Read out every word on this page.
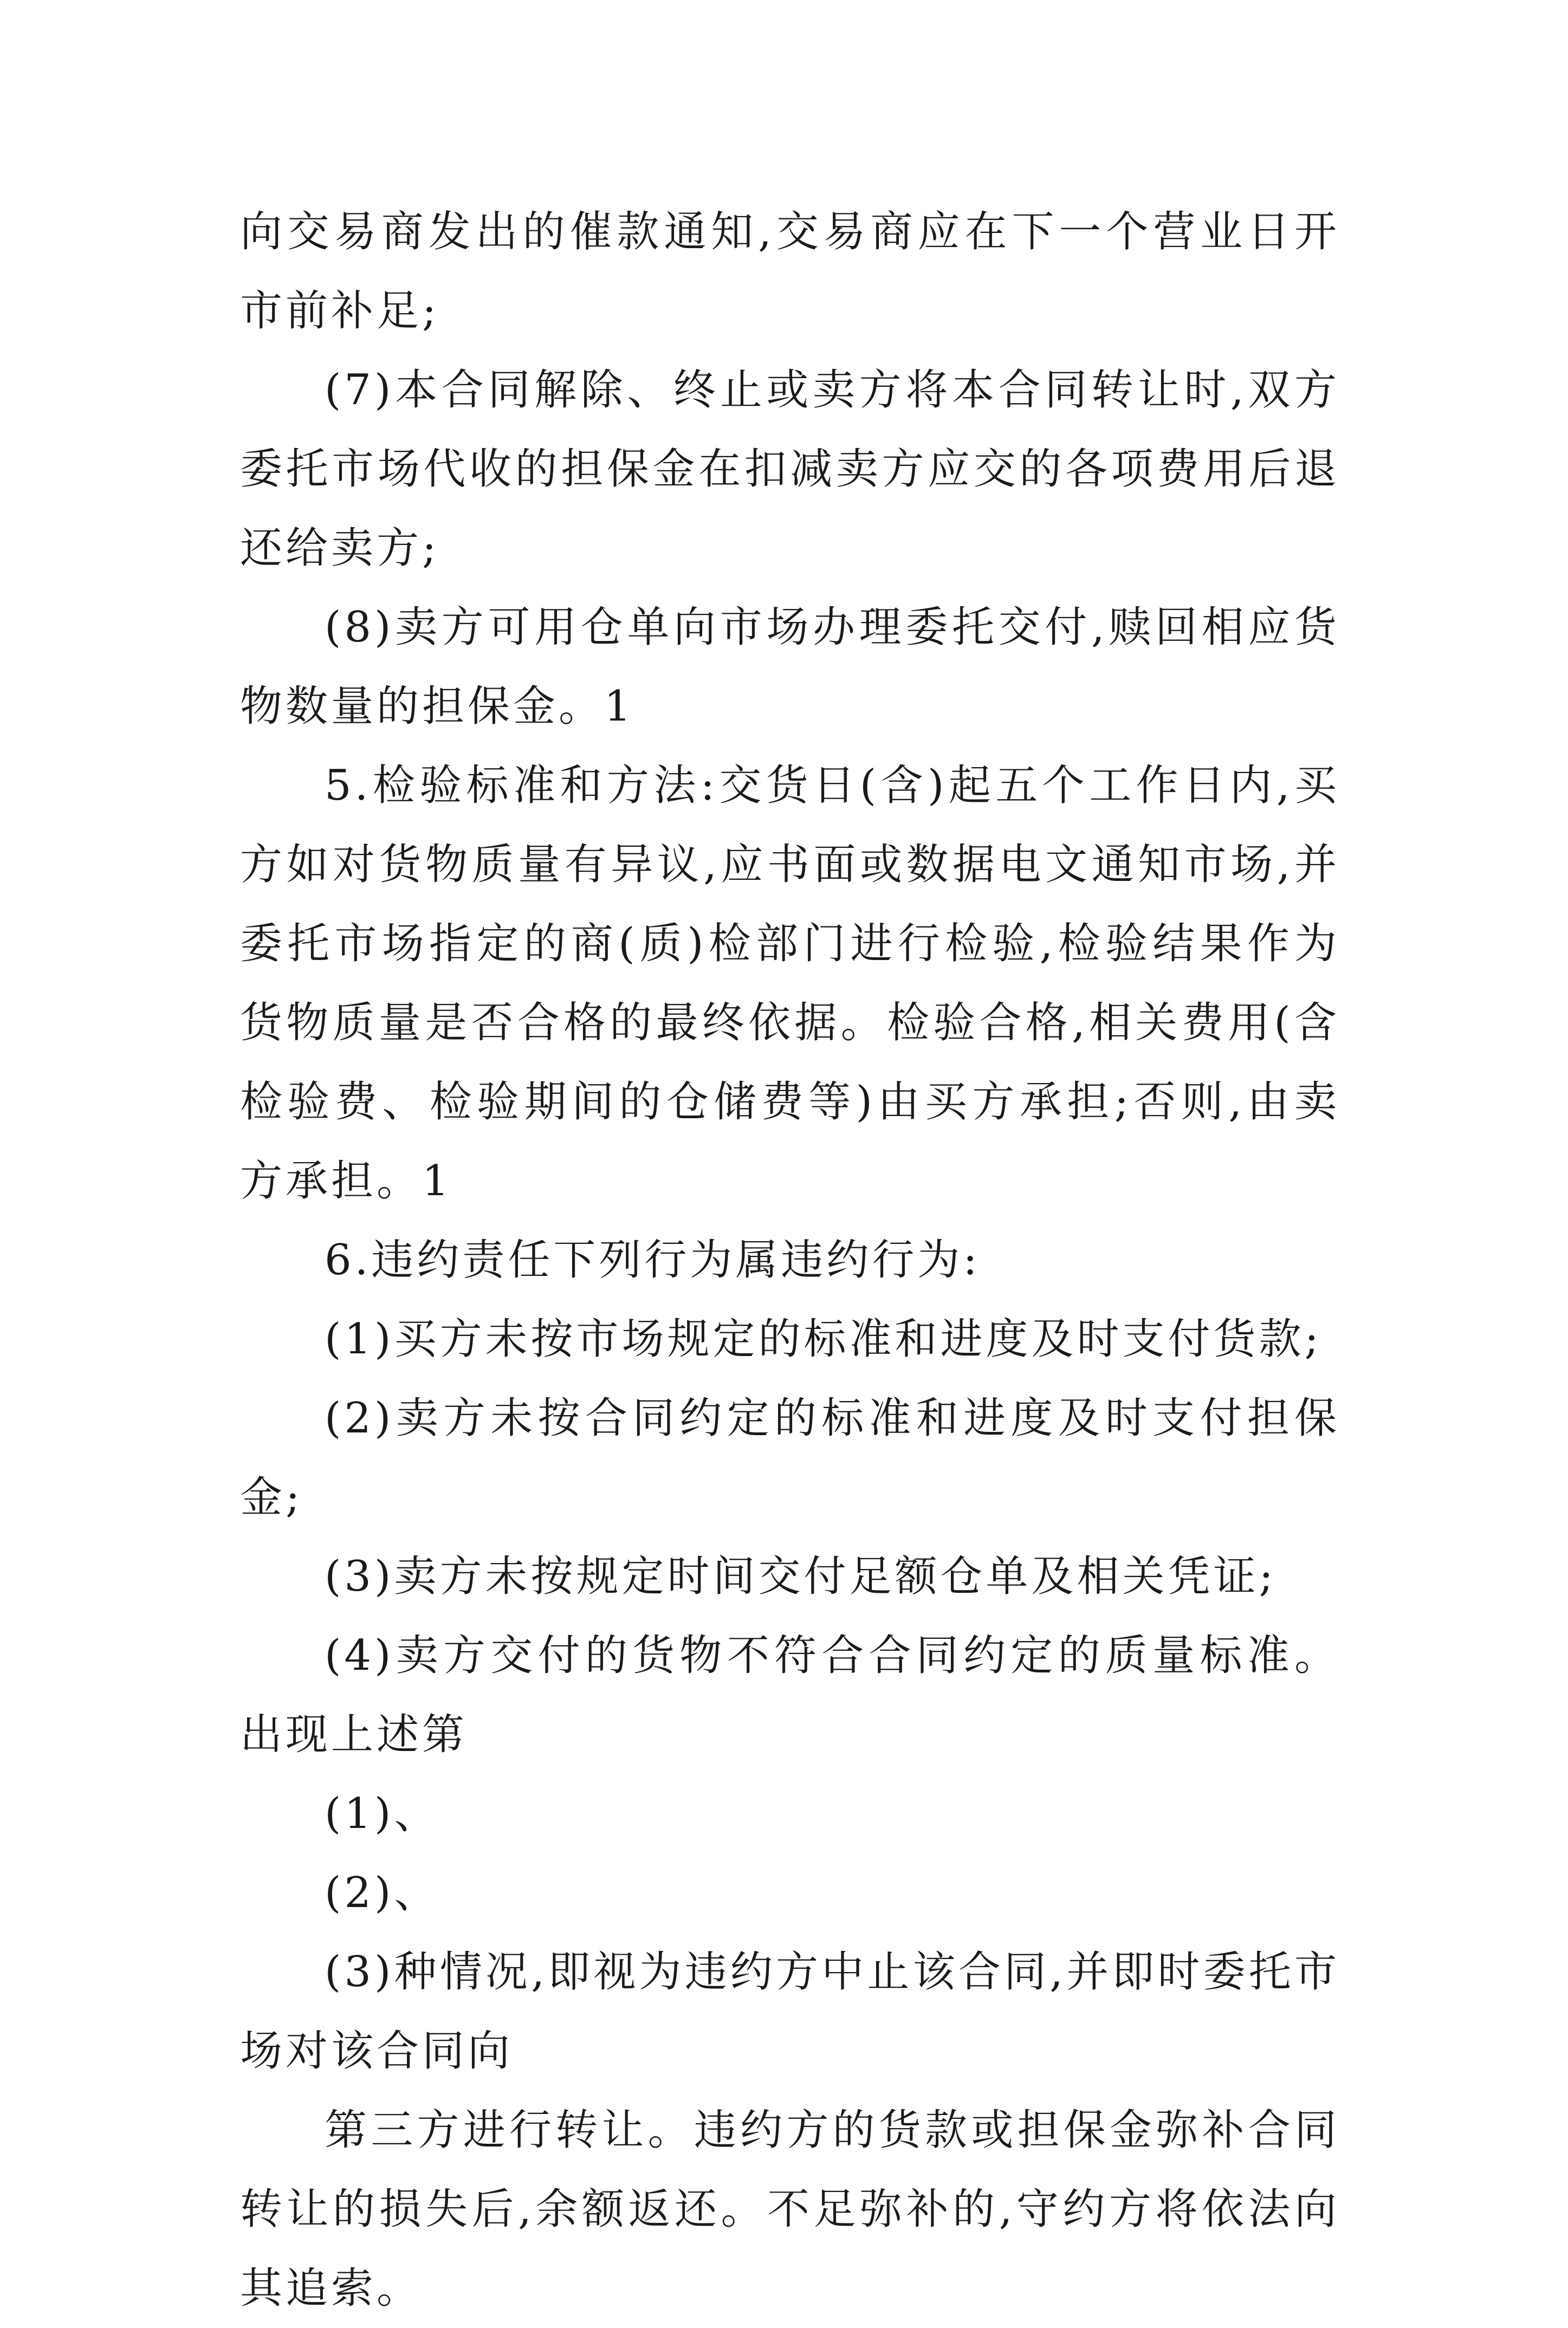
向交易商发出的催款通知,交易商应在下一个营业日开市前补足;

(7)本合同解除、终止或卖方将本合同转让时,双方委托市场代收的担保金在扣减卖方应交的各项费用后退还给卖方;

(8)卖方可用仓单向市场办理委托交付,赎回相应货物数量的担保金。1

5.检验标准和方法:交货日(含)起五个工作日内,买方如对货物质量有异议,应书面或数据电文通知市场,并委托市场指定的商(质)检部门进行检验,检验结果作为货物质量是否合格的最终依据。检验合格,相关费用(含检验费、检验期间的仓储费等)由买方承担;否则,由卖方承担。1

6.违约责任下列行为属违约行为:

(1)买方未按市场规定的标准和进度及时支付货款;

(2)卖方未按合同约定的标准和进度及时支付担保金;

(3)卖方未按规定时间交付足额仓单及相关凭证;

(4)卖方交付的货物不符合合同约定的质量标准。出现上述第

(1)、

(2)、

(3)种情况,即视为违约方中止该合同,并即时委托市场对该合同向

第三方进行转让。违约方的货款或担保金弥补合同转让的损失后,余额返还。不足弥补的,守约方将依法向其追索。
